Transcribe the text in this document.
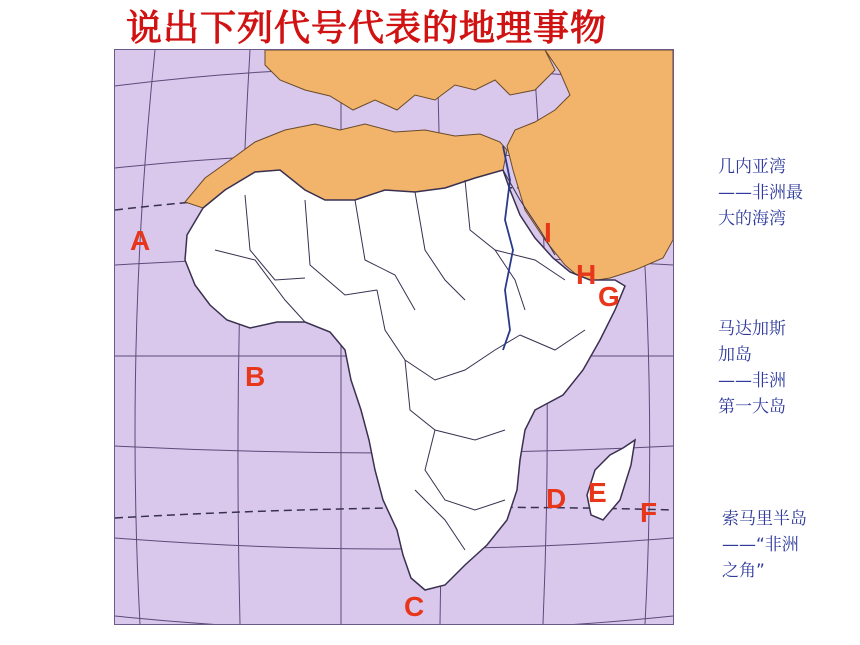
说出下列代号代表的地理事物
A
B
C
D E
F
G
H
I
几内亚湾
——非洲最
大的海湾
马达加斯
加岛
——非洲
第一大岛
索马里半岛
——“非洲
之角”
